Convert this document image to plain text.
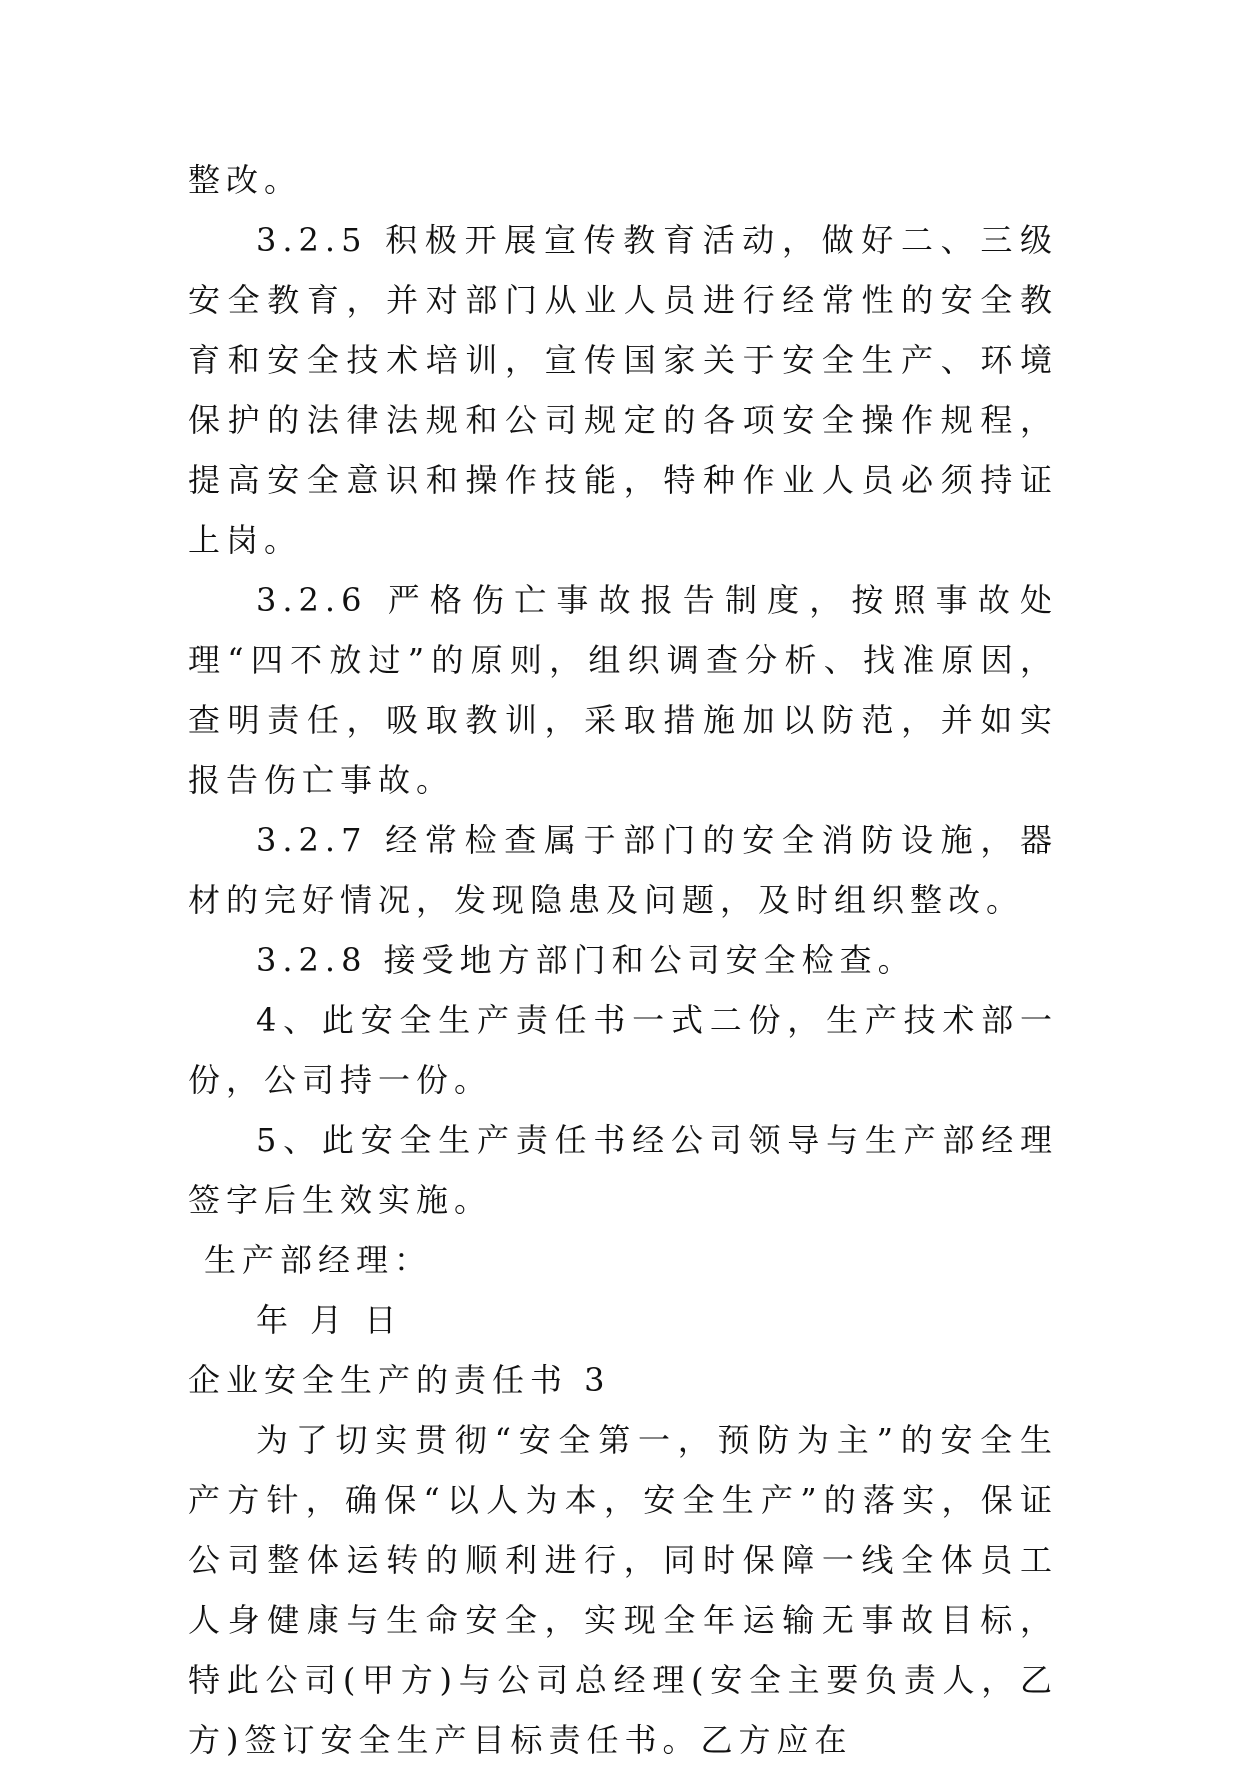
整改。

3.2.5 积极开展宣传教育活动，做好二、三级安全教育，并对部门从业人员进行经常性的安全教育和安全技术培训，宣传国家关于安全生产、环境保护的法律法规和公司规定的各项安全操作规程，提高安全意识和操作技能，特种作业人员必须持证上岗。

3.2.6 严格伤亡事故报告制度，按照事故处理“四不放过”的原则，组织调查分析、找准原因，查明责任，吸取教训，采取措施加以防范，并如实报告伤亡事故。

3.2.7 经常检查属于部门的安全消防设施，器材的完好情况，发现隐患及问题，及时组织整改。

3.2.8 接受地方部门和公司安全检查。

4、此安全生产责任书一式二份，生产技术部一份，公司持一份。

5、此安全生产责任书经公司领导与生产部经理签字后生效实施。

生产部经理：

年 月 日

企业安全生产的责任书 3

为了切实贯彻“安全第一，预防为主”的安全生产方针，确保“以人为本，安全生产”的落实，保证公司整体运转的顺利进行，同时保障一线全体员工人身健康与生命安全，实现全年运输无事故目标，特此公司(甲方)与公司总经理(安全主要负责人，乙方)签订安全生产目标责任书。乙方应在
